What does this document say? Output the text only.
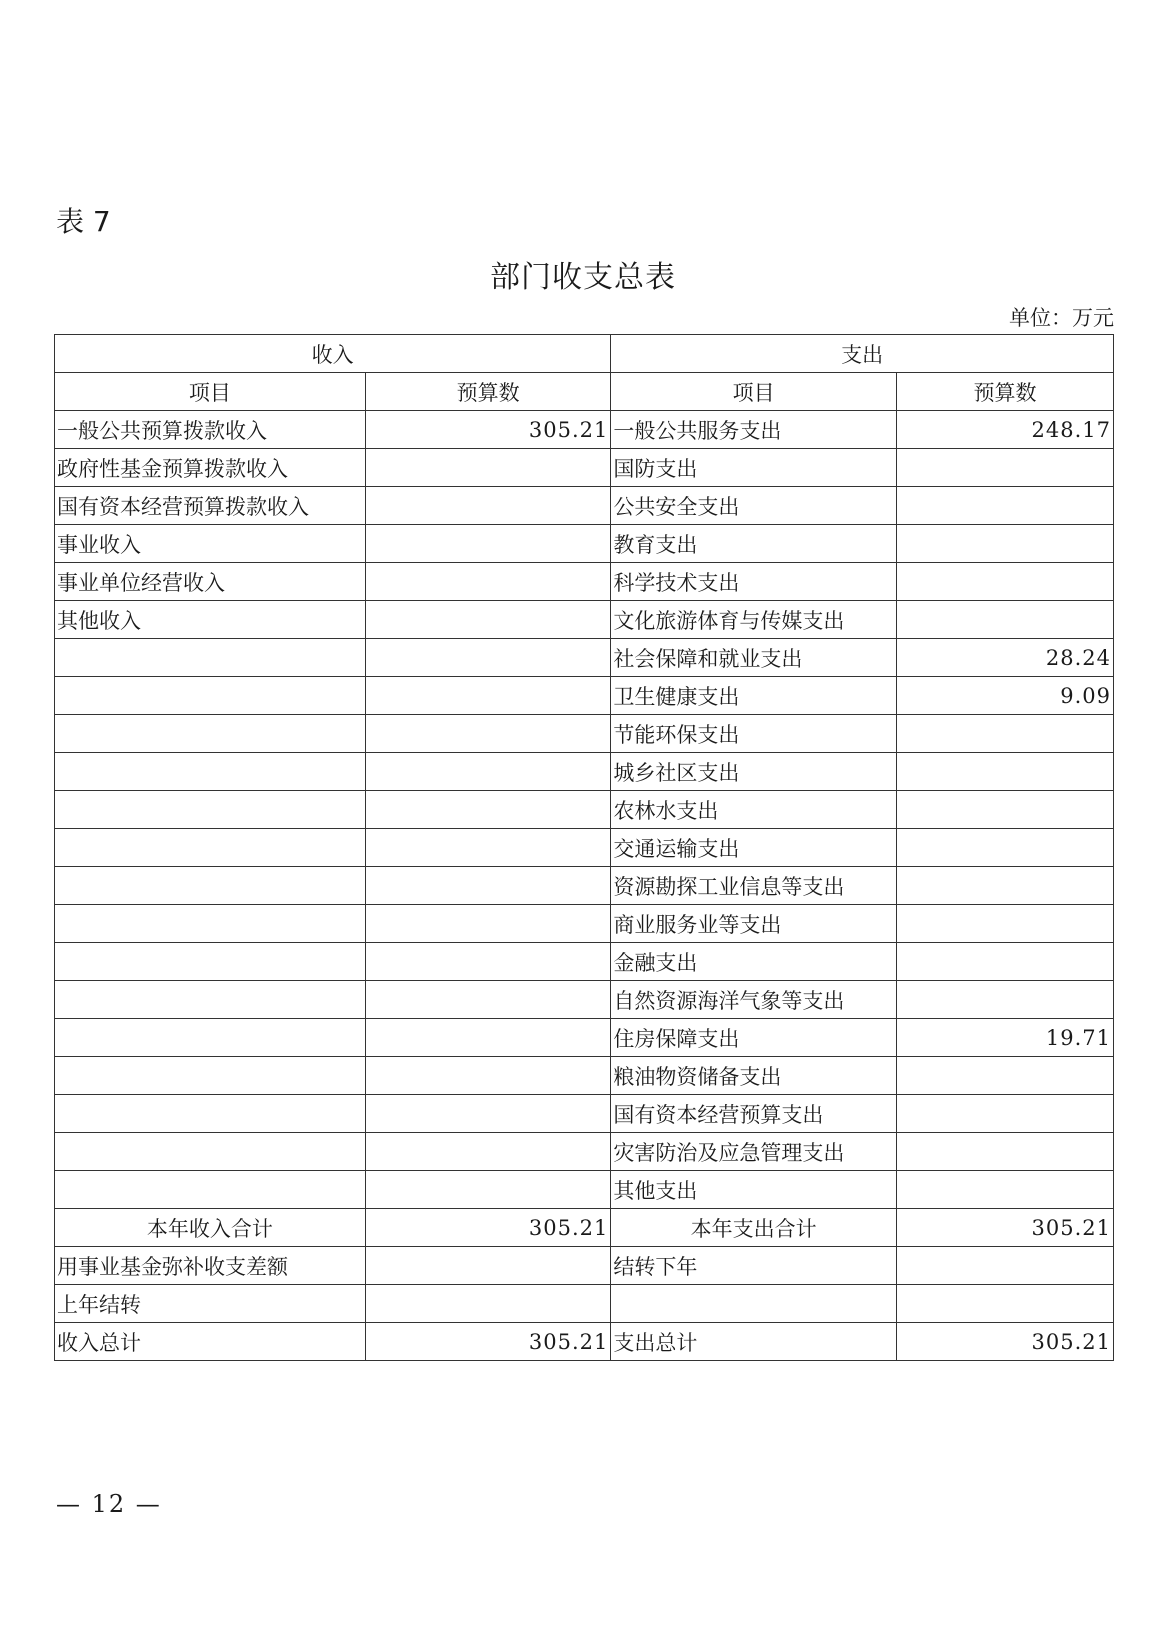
表 7
部门收支总表
单位：万元
收入		支出	
项目	预算数	项目	预算数
一般公共预算拨款收入	305.21	一般公共服务支出	248.17
政府性基金预算拨款收入		国防支出	
国有资本经营预算拨款收入		公共安全支出	
事业收入		教育支出	
事业单位经营收入		科学技术支出	
其他收入		文化旅游体育与传媒支出	
		社会保障和就业支出	28.24
		卫生健康支出	9.09
		节能环保支出	
		城乡社区支出	
		农林水支出	
		交通运输支出	
		资源勘探工业信息等支出	
		商业服务业等支出	
		金融支出	
		自然资源海洋气象等支出	
		住房保障支出	19.71
		粮油物资储备支出	
		国有资本经营预算支出	
		灾害防治及应急管理支出	
		其他支出	
本年收入合计	305.21	本年支出合计	305.21
用事业基金弥补收支差额		结转下年	
上年结转			
收入总计	305.21	支出总计	305.21
— 12 —
